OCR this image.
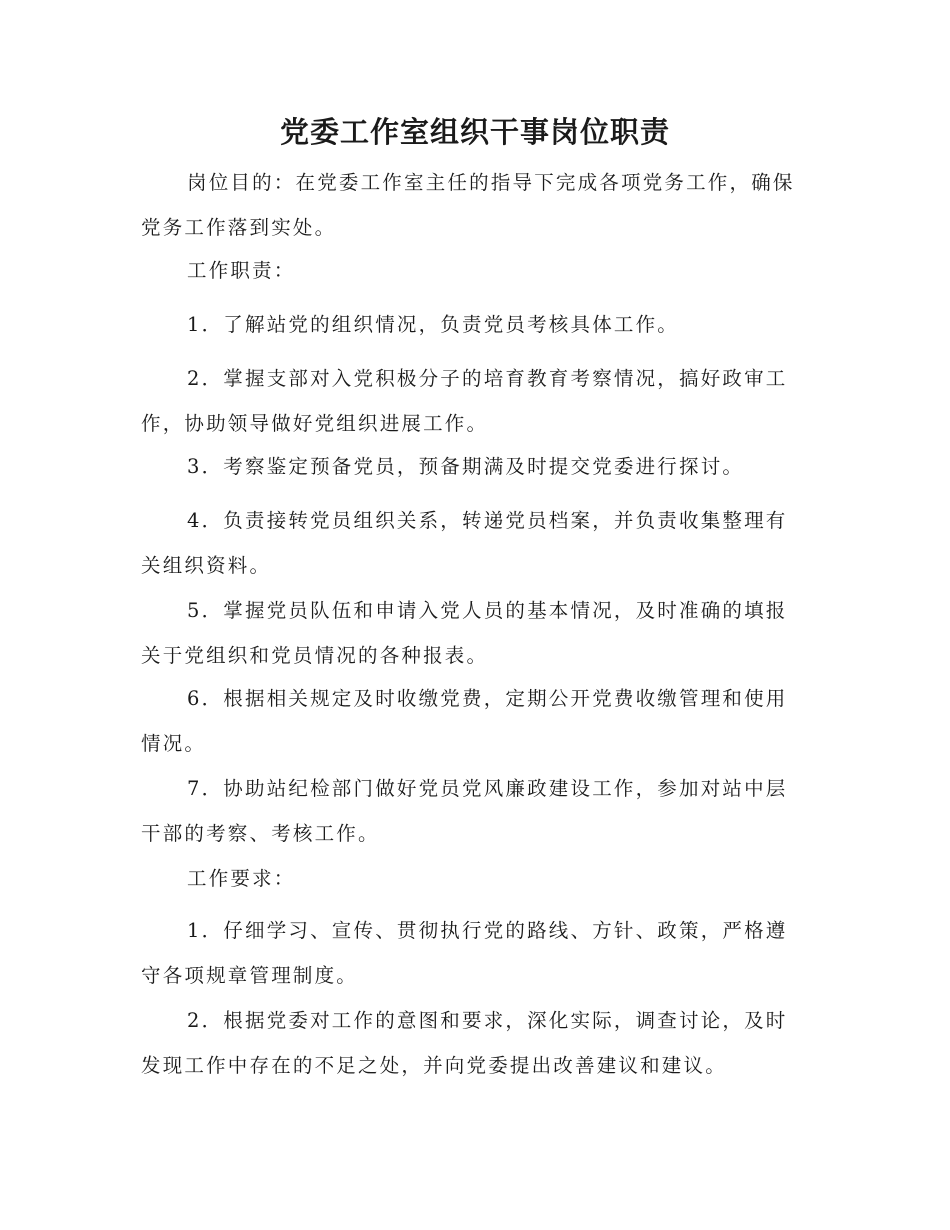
党委工作室组织干事岗位职责

岗位目的：在党委工作室主任的指导下完成各项党务工作，确保党务工作落到实处。

工作职责：

1．了解站党的组织情况，负责党员考核具体工作。

2．掌握支部对入党积极分子的培育教育考察情况，搞好政审工作，协助领导做好党组织进展工作。

3．考察鉴定预备党员，预备期满及时提交党委进行探讨。

4．负责接转党员组织关系，转递党员档案，并负责收集整理有关组织资料。

5．掌握党员队伍和申请入党人员的基本情况，及时准确的填报关于党组织和党员情况的各种报表。

6．根据相关规定及时收缴党费，定期公开党费收缴管理和使用情况。

7．协助站纪检部门做好党员党风廉政建设工作，参加对站中层干部的考察、考核工作。

工作要求：

1．仔细学习、宣传、贯彻执行党的路线、方针、政策，严格遵守各项规章管理制度。

2．根据党委对工作的意图和要求，深化实际，调查讨论，及时发现工作中存在的不足之处，并向党委提出改善建议和建议。
